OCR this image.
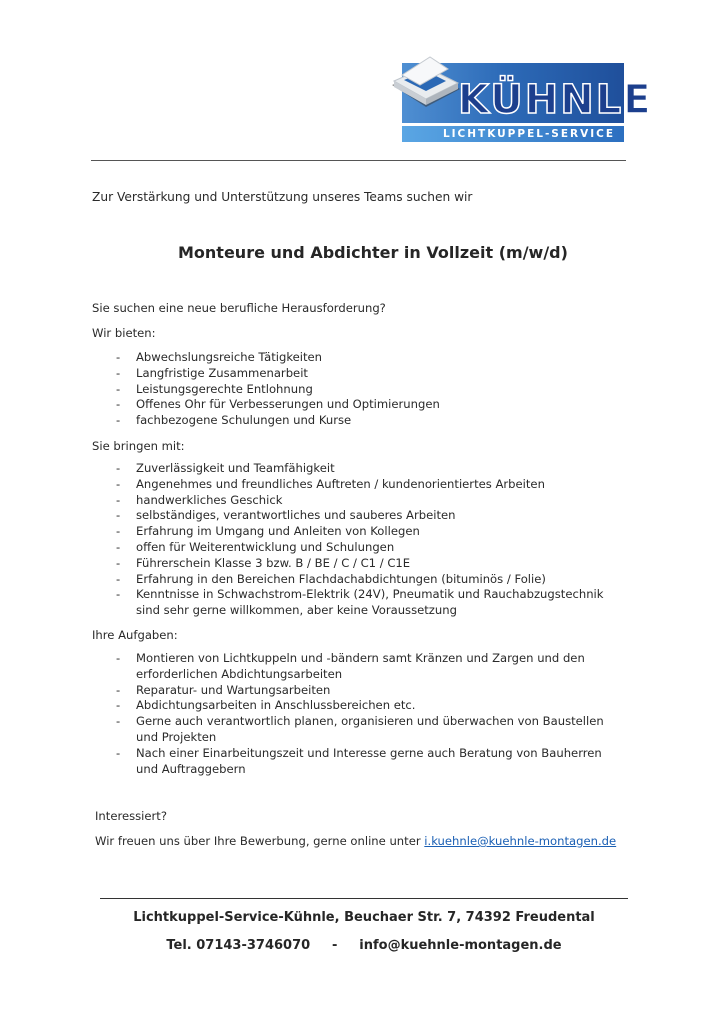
KÜHNLE
LICHTKUPPEL-SERVICE
Zur Verstärkung und Unterstützung unseres Teams suchen wir
Monteure und Abdichter in Vollzeit (m/w/d)
Sie suchen eine neue berufliche Herausforderung?
Wir bieten:
- Abwechslungsreiche Tätigkeiten
- Langfristige Zusammenarbeit
- Leistungsgerechte Entlohnung
- Offenes Ohr für Verbesserungen und Optimierungen
- fachbezogene Schulungen und Kurse
Sie bringen mit:
- Zuverlässigkeit und Teamfähigkeit
- Angenehmes und freundliches Auftreten / kundenorientiertes Arbeiten
- handwerkliches Geschick
- selbständiges, verantwortliches und sauberes Arbeiten
- Erfahrung im Umgang und Anleiten von Kollegen
- offen für Weiterentwicklung und Schulungen
- Führerschein Klasse 3 bzw. B / BE / C / C1 / C1E
- Erfahrung in den Bereichen Flachdachabdichtungen (bituminös / Folie)
- Kenntnisse in Schwachstrom-Elektrik (24V), Pneumatik und Rauchabzugstechnik sind sehr gerne willkommen, aber keine Voraussetzung
Ihre Aufgaben:
- Montieren von Lichtkuppeln und -bändern samt Kränzen und Zargen und den erforderlichen Abdichtungsarbeiten
- Reparatur- und Wartungsarbeiten
- Abdichtungsarbeiten in Anschlussbereichen etc.
- Gerne auch verantwortlich planen, organisieren und überwachen von Baustellen und Projekten
- Nach einer Einarbeitungszeit und Interesse gerne auch Beratung von Bauherren und Auftraggebern
Interessiert?
Wir freuen uns über Ihre Bewerbung, gerne online unter i.kuehnle@kuehnle-montagen.de
Lichtkuppel-Service-Kühnle, Beuchaer Str. 7, 74392 Freudental
Tel. 07143-3746070 - info@kuehnle-montagen.de
